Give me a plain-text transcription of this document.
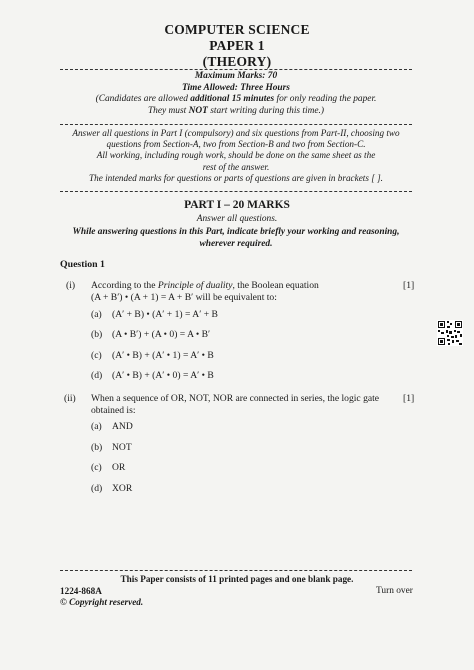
COMPUTER SCIENCE
PAPER 1
(THEORY)
Maximum Marks: 70
Time Allowed: Three Hours
(Candidates are allowed additional 15 minutes for only reading the paper.
They must NOT start writing during this time.)
Answer all questions in Part I (compulsory) and six questions from Part-II, choosing two
questions from Section-A, two from Section-B and two from Section-C.
All working, including rough work, should be done on the same sheet as the
rest of the answer.
The intended marks for questions or parts of questions are given in brackets [ ].
PART I – 20 MARKS
Answer all questions.
While answering questions in this Part, indicate briefly your working and reasoning,
wherever required.
Question 1
(i) According to the Principle of duality, the Boolean equation
(A + B′) • (A + 1) = A + B′ will be equivalent to:
[1]
(a) (A′ + B) • (A′ + 1) = A′ + B
(b) (A • B′) + (A • 0) = A • B′
(c) (A′ • B) + (A′ • 1) = A′ • B
(d) (A′ • B) + (A′ • 0) = A′ • B
(ii) When a sequence of OR, NOT, NOR are connected in series, the logic gate
obtained is:
[1]
(a) AND
(b) NOT
(c) OR
(d) XOR
This Paper consists of 11 printed pages and one blank page.
1224-868A
© Copyright reserved.
Turn over
